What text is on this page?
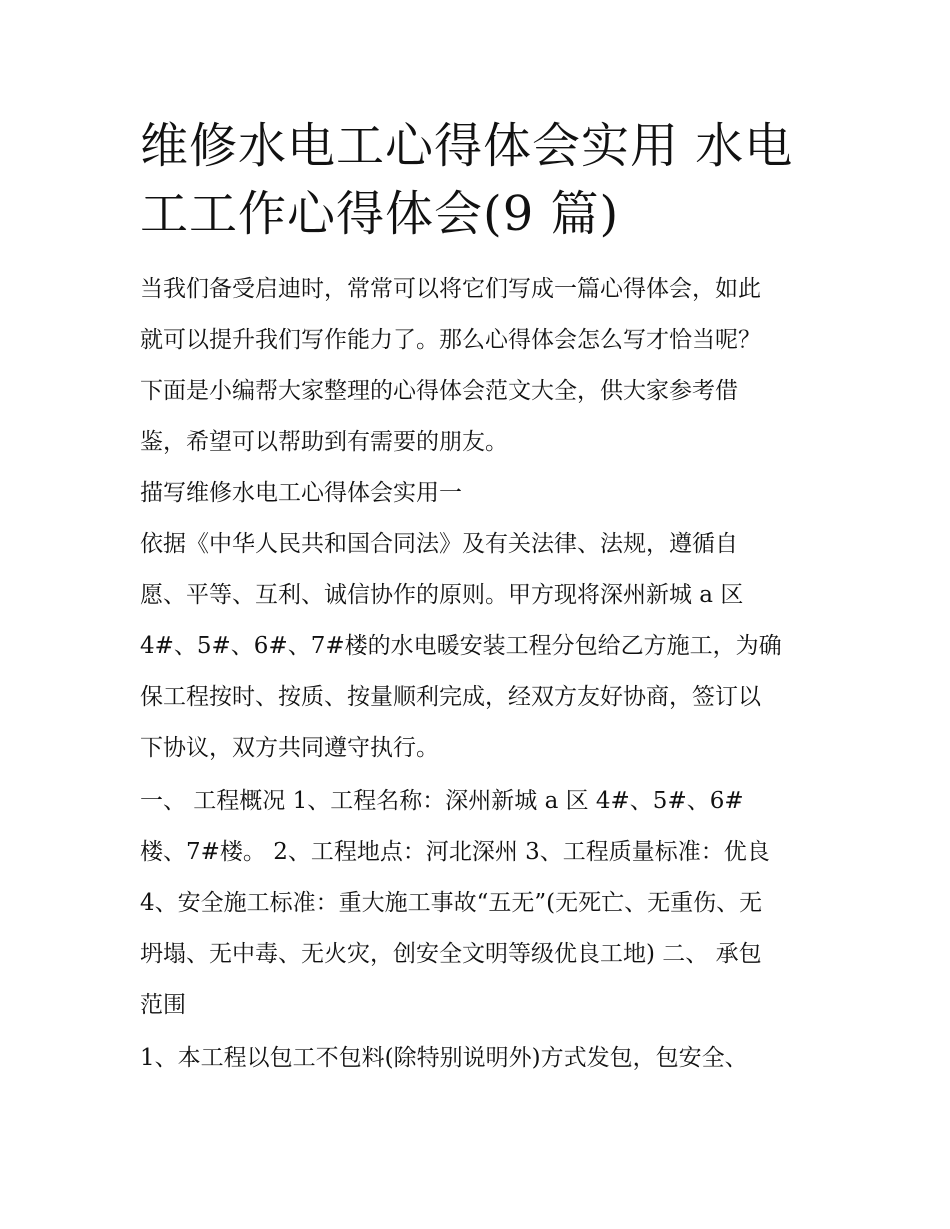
维修水电工心得体会实用 水电
工工作心得体会(9 篇)

当我们备受启迪时，常常可以将它们写成一篇心得体会，如此
就可以提升我们写作能力了。那么心得体会怎么写才恰当呢？
下面是小编帮大家整理的心得体会范文大全，供大家参考借
鉴，希望可以帮助到有需要的朋友。

描写维修水电工心得体会实用一

依据《中华人民共和国合同法》及有关法律、法规，遵循自
愿、平等、互利、诚信协作的原则。甲方现将深州新城 a 区
4#、5#、6#、7#楼的水电暖安装工程分包给乙方施工，为确
保工程按时、按质、按量顺利完成，经双方友好协商，签订以
下协议，双方共同遵守执行。

一、 工程概况 1、工程名称：深州新城 a 区 4#、5#、6#
楼、7#楼。 2、工程地点：河北深州 3、工程质量标准：优良
4、安全施工标准：重大施工事故“五无”(无死亡、无重伤、无
坍塌、无中毒、无火灾，创安全文明等级优良工地) 二、 承包
范围

1、本工程以包工不包料(除特别说明外)方式发包，包安全、
